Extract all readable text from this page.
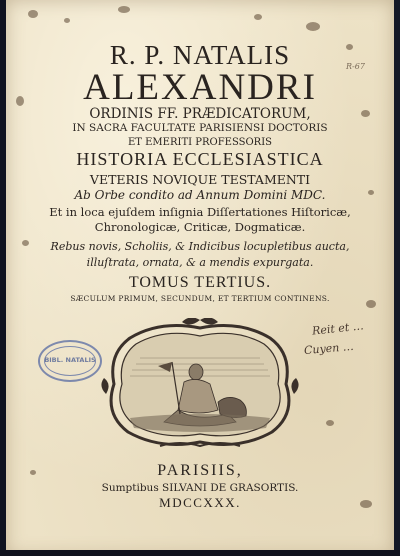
R-67
R. P. NATALIS
ALEXANDRI
ORDINIS FF. PRÆDICATORUM,
IN SACRA FACULTATE PARISIENSI DOCTORIS
ET EMERITI PROFESSORIS
HISTORIA ECCLESIASTICA
VETERIS NOVIQUE TESTAMENTI
Ab Orbe condito ad Annum Domini MDC.
Et in loca ejuſdem inſignia Diſſertationes Hiſtoricæ,
Chronologicæ, Criticæ, Dogmaticæ.
Rebus novis, Scholiis, & Indicibus locupletibus aucta,
illuſtrata, ornata, & a mendis expurgata.
TOMUS TERTIUS.
SÆCULUM PRIMUM, SECUNDUM, ET TERTIUM CONTINENS.
BIBL. NATALIS
Reit et …
Cuyen …
PARISIIS,
Sumptibus SILVANI DE GRASORTIS.
MDCCXXX.
